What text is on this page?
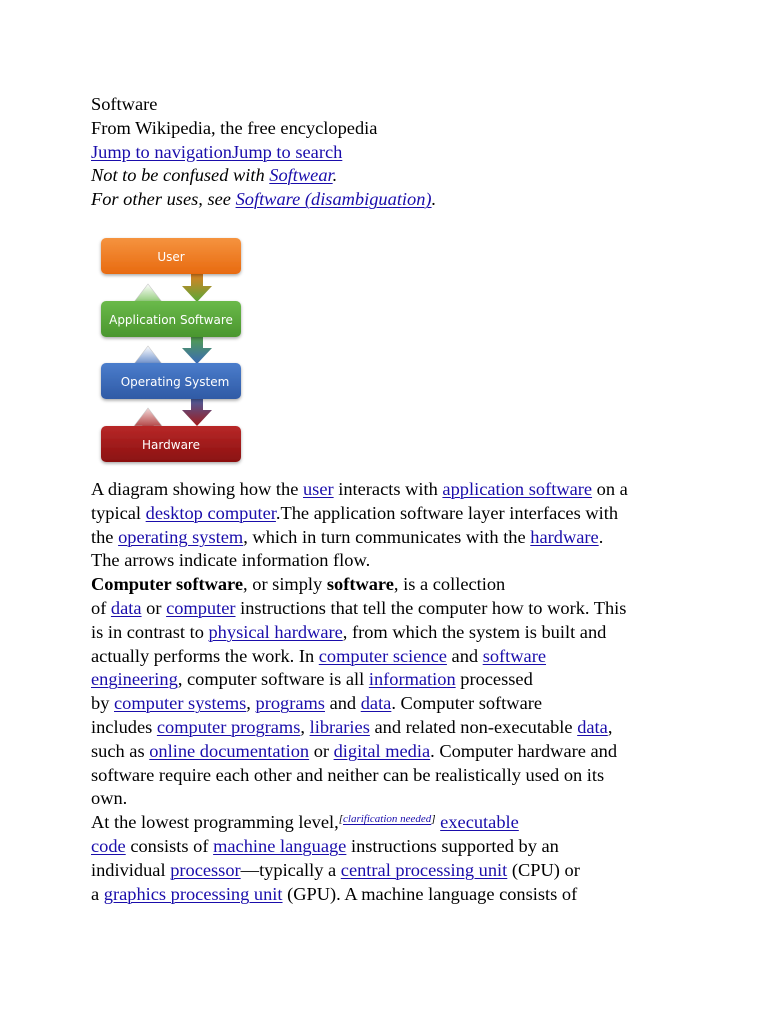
Software
From Wikipedia, the free encyclopedia
Jump to navigationJump to search
Not to be confused with Softwear.
For other uses, see Software (disambiguation).
User
Application Software
Operating System
Hardware
A diagram showing how the user interacts with application software on a
typical desktop computer.The application software layer interfaces with
the operating system, which in turn communicates with the hardware.
The arrows indicate information flow.
Computer software, or simply software, is a collection
of data or computer instructions that tell the computer how to work. This
is in contrast to physical hardware, from which the system is built and
actually performs the work. In computer science and software
engineering, computer software is all information processed
by computer systems, programs and data. Computer software
includes computer programs, libraries and related non-executable data,
such as online documentation or digital media. Computer hardware and
software require each other and neither can be realistically used on its
own.
At the lowest programming level,[clarification needed] executable
code consists of machine language instructions supported by an
individual processor—typically a central processing unit (CPU) or
a graphics processing unit (GPU). A machine language consists of
